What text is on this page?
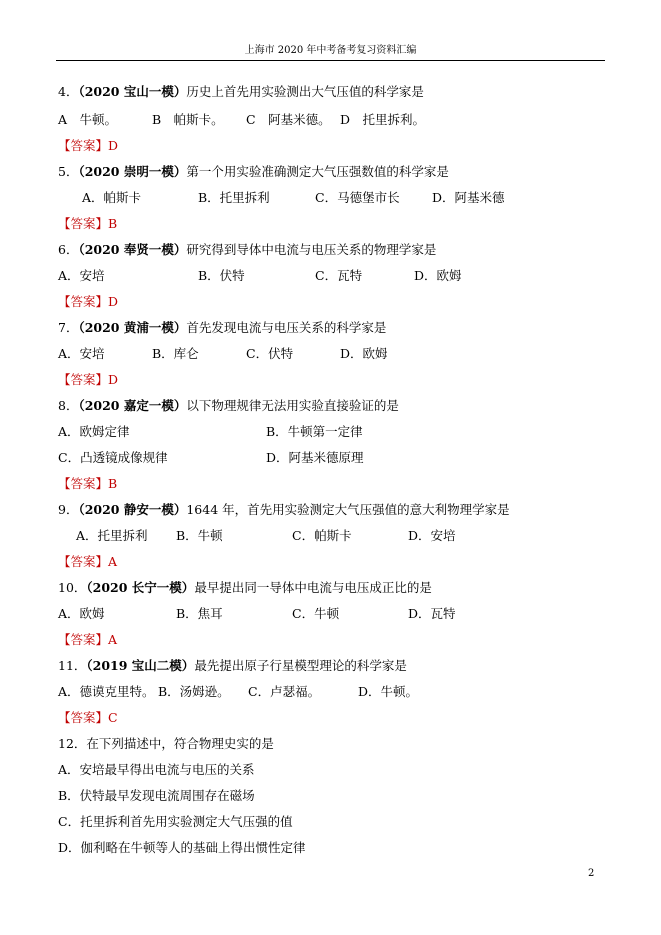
上海市 2020 年中考备考复习资料汇编
4．（2020 宝山一模）历史上首先用实验测出大气压值的科学家是
A　牛顿。	B　帕斯卡。 C　阿基米德。 D　托里拆利。
【答案】D
5．（2020 崇明一模）第一个用实验准确测定大气压强数值的科学家是
A．帕斯卡	B．托里拆利	C．马德堡市长	D．阿基米德
【答案】B
6．（2020 奉贤一模）研究得到导体中电流与电压关系的物理学家是
A．安培	B．伏特	C．瓦特	D．欧姆
【答案】D
7．（2020 黄浦一模）首先发现电流与电压关系的科学家是
A．安培	B．库仑	C．伏特	D．欧姆
【答案】D
8．（2020 嘉定一模）以下物理规律无法用实验直接验证的是
A．欧姆定律	B．牛顿第一定律
C．凸透镜成像规律	D．阿基米德原理
【答案】B
9．（2020 静安一模）1644 年，首先用实验测定大气压强值的意大利物理学家是
A．托里拆利 B．牛顿	C．帕斯卡	D．安培
【答案】A
10．（2020 长宁一模）最早提出同一导体中电流与电压成正比的是
A．欧姆	B．焦耳	C．牛顿	D．瓦特
【答案】A
11．（2019 宝山二模）最先提出原子行星模型理论的科学家是
A．德谟克里特。 B．汤姆逊。 C．卢瑟福。	D．牛顿。
【答案】C
12．在下列描述中，符合物理史实的是
A．安培最早得出电流与电压的关系
B．伏特最早发现电流周围存在磁场
C．托里拆利首先用实验测定大气压强的值
D．伽利略在牛顿等人的基础上得出惯性定律
2
